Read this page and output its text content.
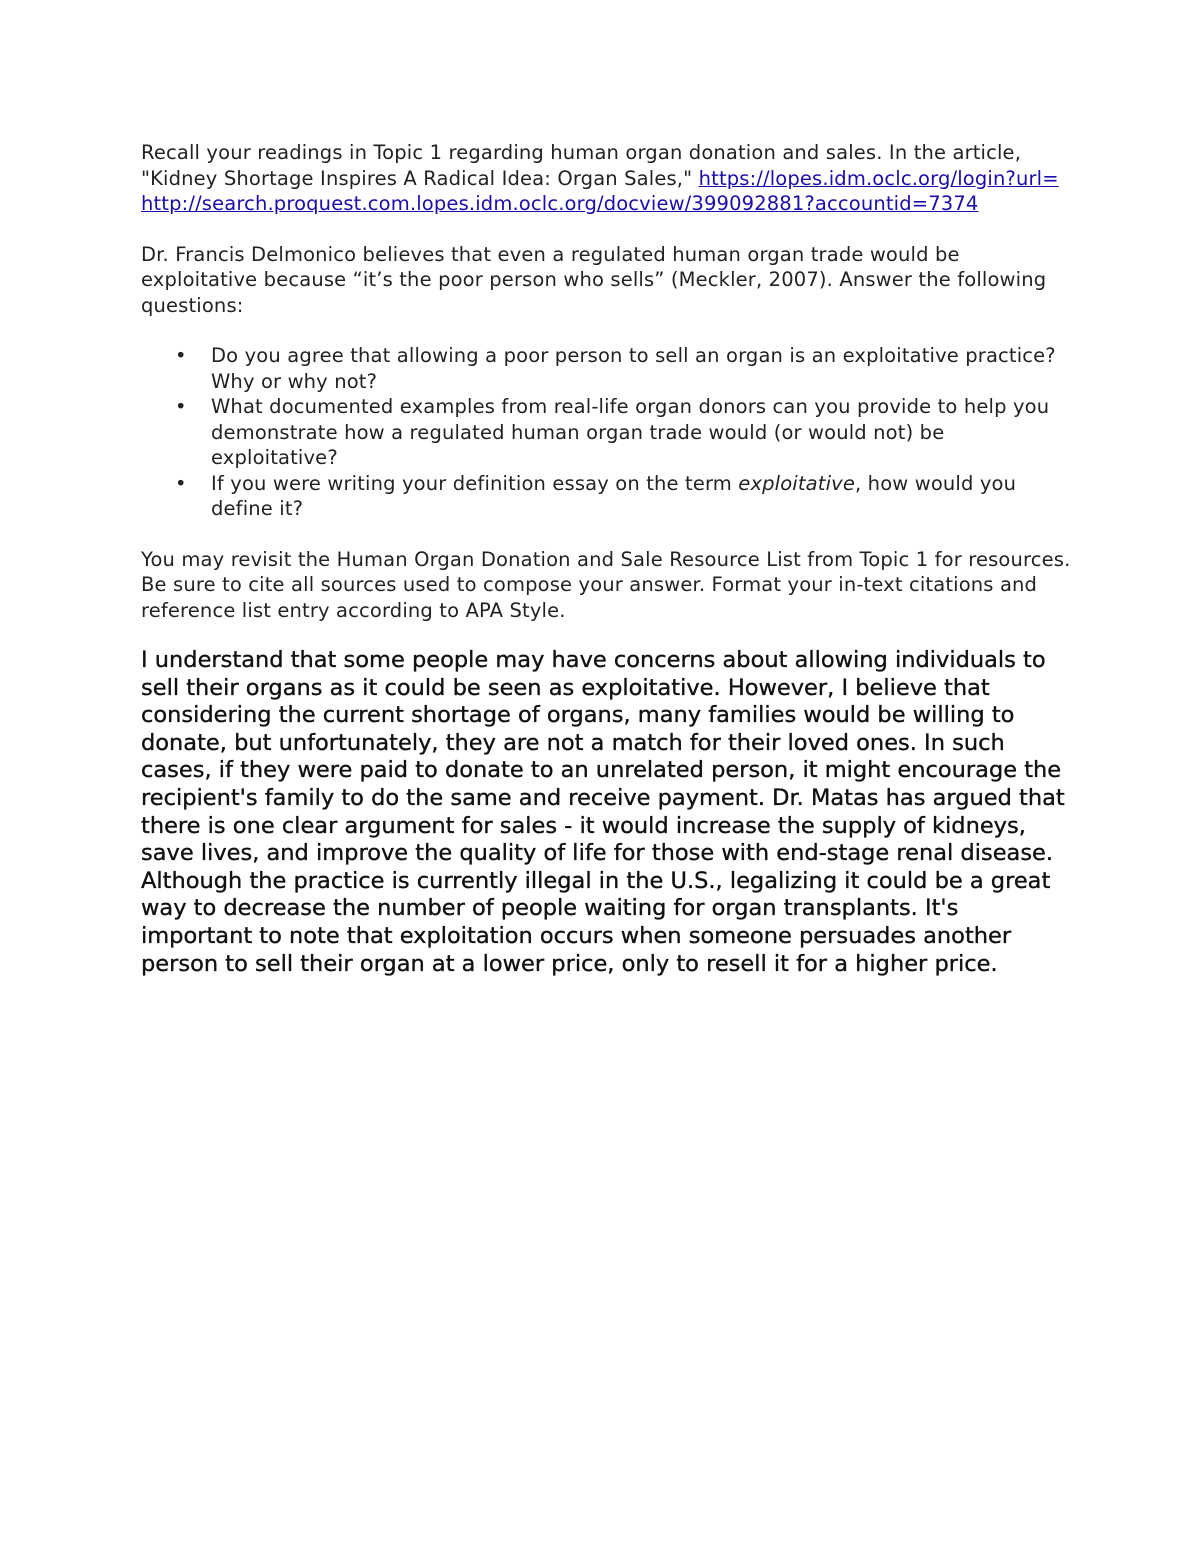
Recall your readings in Topic 1 regarding human organ donation and sales. In the article, "Kidney Shortage Inspires A Radical Idea: Organ Sales," https://lopes.idm.oclc.org/login?url=http://search.proquest.com.lopes.idm.oclc.org/docview/399092881?accountid=7374

Dr. Francis Delmonico believes that even a regulated human organ trade would be exploitative because “it’s the poor person who sells” (Meckler, 2007). Answer the following questions:

• Do you agree that allowing a poor person to sell an organ is an exploitative practice? Why or why not?
• What documented examples from real-life organ donors can you provide to help you demonstrate how a regulated human organ trade would (or would not) be exploitative?
• If you were writing your definition essay on the term exploitative, how would you define it?

You may revisit the Human Organ Donation and Sale Resource List from Topic 1 for resources. Be sure to cite all sources used to compose your answer. Format your in-text citations and reference list entry according to APA Style.

I understand that some people may have concerns about allowing individuals to sell their organs as it could be seen as exploitative. However, I believe that considering the current shortage of organs, many families would be willing to donate, but unfortunately, they are not a match for their loved ones. In such cases, if they were paid to donate to an unrelated person, it might encourage the recipient's family to do the same and receive payment. Dr. Matas has argued that there is one clear argument for sales - it would increase the supply of kidneys, save lives, and improve the quality of life for those with end-stage renal disease. Although the practice is currently illegal in the U.S., legalizing it could be a great way to decrease the number of people waiting for organ transplants. It's important to note that exploitation occurs when someone persuades another person to sell their organ at a lower price, only to resell it for a higher price.
